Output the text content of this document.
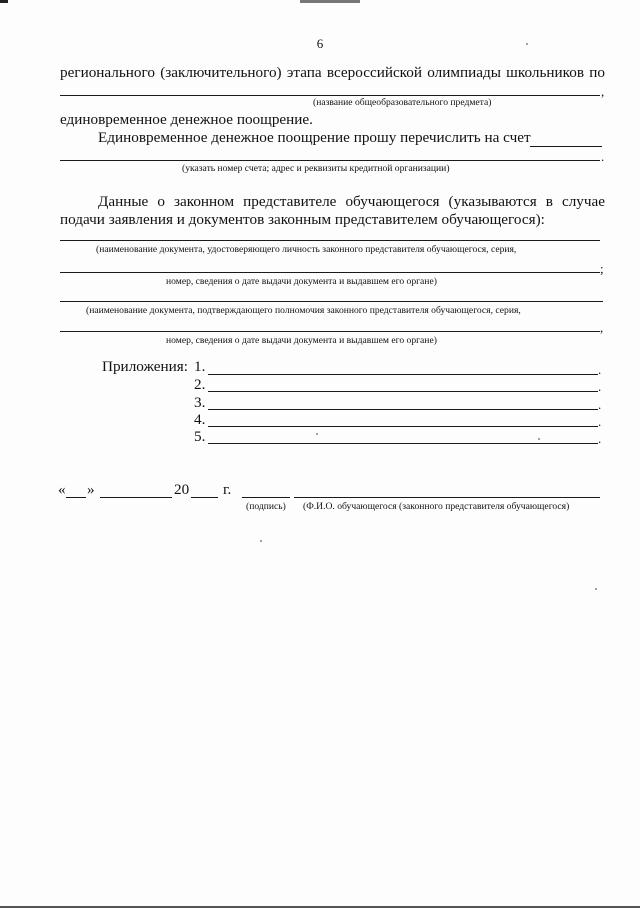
6
регионального (заключительного) этапа всероссийской олимпиады школьников по
,
(название общеобразовательного предмета)
единовременное денежное поощрение.
Единовременное денежное поощрение прошу перечислить на счет
.
(указать номер счета; адрес и реквизиты кредитной организации)
Данные о законном представителе обучающегося (указываются в случае
подачи заявления и документов законным представителем обучающегося):
(наименование документа, удостоверяющего личность законного представителя обучающегося, серия,
;
номер, сведения о дате выдачи документа и выдавшем его органе)
(наименование документа, подтверждающего полномочия законного представителя обучающегося, серия,
,
номер, сведения о дате выдачи документа и выдавшем его органе)
Приложения: 1.	.
2.	.
3.	.
4.	.
5.	.
« »	20 г.
(подпись) (Ф.И.О. обучающегося (законного представителя обучающегося)
